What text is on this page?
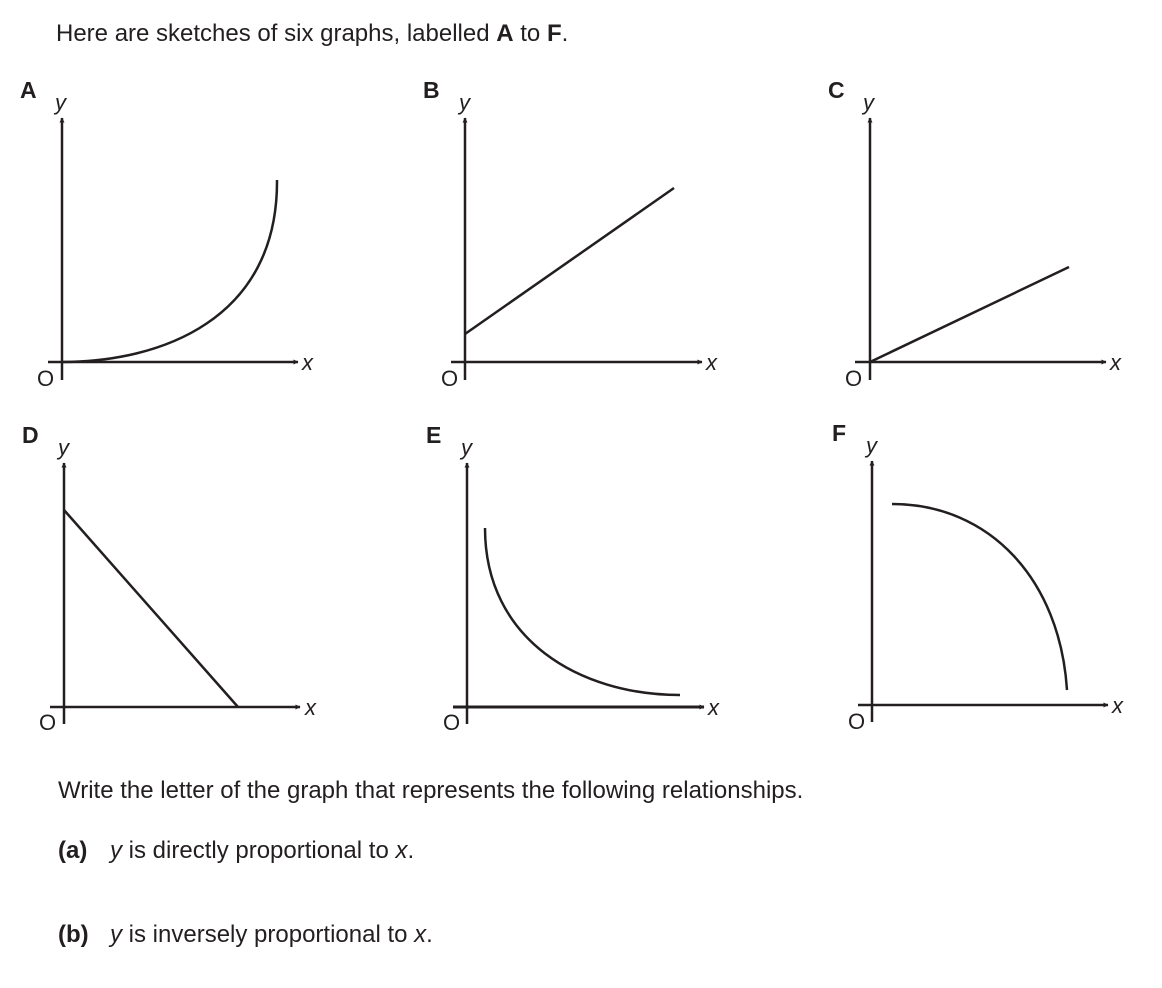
Here are sketches of six graphs, labelled A to F.
A y
O
x
B y
O
x
C y
O
x
D y
O
x
E y
O
x
F y
O
x
Write the letter of the graph that represents the following relationships.
(a) y is directly proportional to x.
(b) y is inversely proportional to x.
